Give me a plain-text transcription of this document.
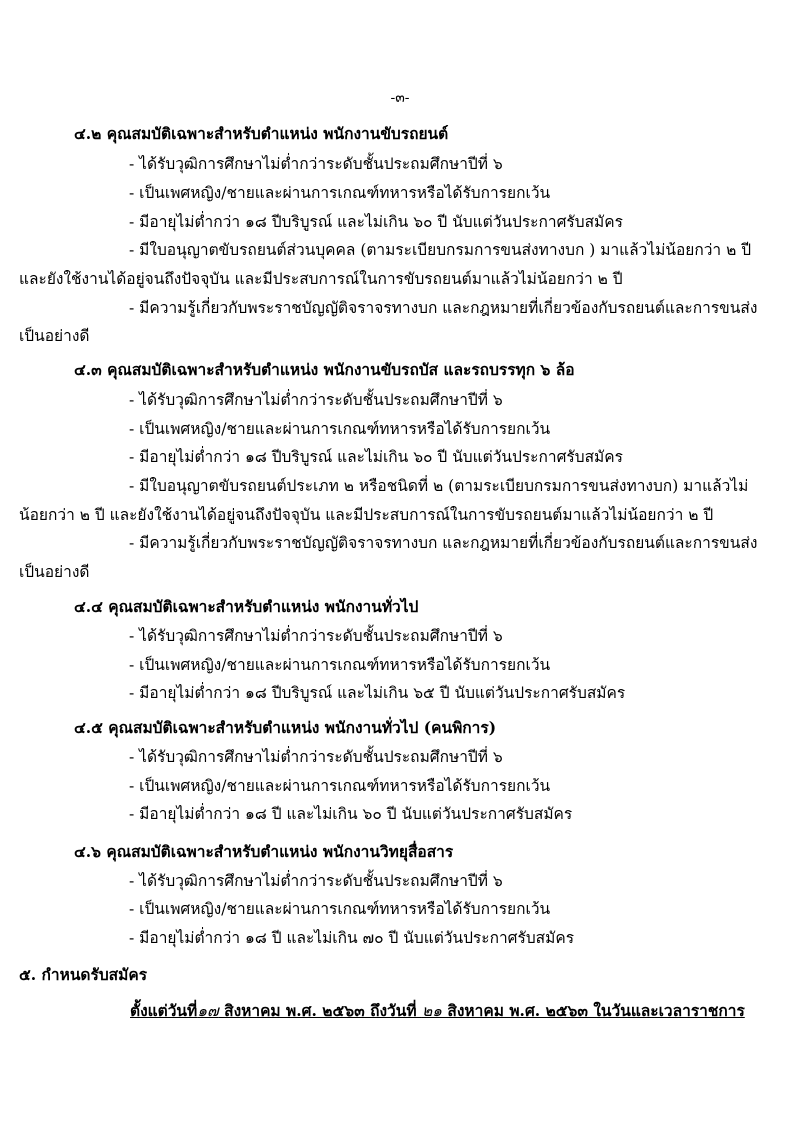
-๓-
๔.๒ คุณสมบัติเฉพาะสำหรับตำแหน่ง พนักงานขับรถยนต์
- ได้รับวุฒิการศึกษาไม่ต่ำกว่าระดับชั้นประถมศึกษาปีที่ ๖
- เป็นเพศหญิง/ชายและผ่านการเกณฑ์ทหารหรือได้รับการยกเว้น
- มีอายุไม่ต่ำกว่า ๑๘ ปีบริบูรณ์ และไม่เกิน ๖๐ ปี นับแต่วันประกาศรับสมัคร
- มีใบอนุญาตขับรถยนต์ส่วนบุคคล (ตามระเบียบกรมการขนส่งทางบก ) มาแล้วไม่น้อยกว่า ๒ ปี
และยังใช้งานได้อยู่จนถึงปัจจุบัน และมีประสบการณ์ในการขับรถยนต์มาแล้วไม่น้อยกว่า ๒ ปี
- มีความรู้เกี่ยวกับพระราชบัญญัติจราจรทางบก และกฎหมายที่เกี่ยวข้องกับรถยนต์และการขนส่ง
เป็นอย่างดี
๔.๓ คุณสมบัติเฉพาะสำหรับตำแหน่ง พนักงานขับรถบัส และรถบรรทุก ๖ ล้อ
- ได้รับวุฒิการศึกษาไม่ต่ำกว่าระดับชั้นประถมศึกษาปีที่ ๖
- เป็นเพศหญิง/ชายและผ่านการเกณฑ์ทหารหรือได้รับการยกเว้น
- มีอายุไม่ต่ำกว่า ๑๘ ปีบริบูรณ์ และไม่เกิน ๖๐ ปี นับแต่วันประกาศรับสมัคร
- มีใบอนุญาตขับรถยนต์ประเภท ๒ หรือชนิดที่ ๒ (ตามระเบียบกรมการขนส่งทางบก) มาแล้วไม่
น้อยกว่า ๒ ปี และยังใช้งานได้อยู่จนถึงปัจจุบัน และมีประสบการณ์ในการขับรถยนต์มาแล้วไม่น้อยกว่า ๒ ปี
- มีความรู้เกี่ยวกับพระราชบัญญัติจราจรทางบก และกฎหมายที่เกี่ยวข้องกับรถยนต์และการขนส่ง
เป็นอย่างดี
๔.๔ คุณสมบัติเฉพาะสำหรับตำแหน่ง พนักงานทั่วไป
- ได้รับวุฒิการศึกษาไม่ต่ำกว่าระดับชั้นประถมศึกษาปีที่ ๖
- เป็นเพศหญิง/ชายและผ่านการเกณฑ์ทหารหรือได้รับการยกเว้น
- มีอายุไม่ต่ำกว่า ๑๘ ปีบริบูรณ์ และไม่เกิน ๖๕ ปี นับแต่วันประกาศรับสมัคร
๔.๕ คุณสมบัติเฉพาะสำหรับตำแหน่ง พนักงานทั่วไป (คนพิการ)
- ได้รับวุฒิการศึกษาไม่ต่ำกว่าระดับชั้นประถมศึกษาปีที่ ๖
- เป็นเพศหญิง/ชายและผ่านการเกณฑ์ทหารหรือได้รับการยกเว้น
- มีอายุไม่ต่ำกว่า ๑๘ ปี และไม่เกิน ๖๐ ปี นับแต่วันประกาศรับสมัคร
๔.๖ คุณสมบัติเฉพาะสำหรับตำแหน่ง พนักงานวิทยุสื่อสาร
- ได้รับวุฒิการศึกษาไม่ต่ำกว่าระดับชั้นประถมศึกษาปีที่ ๖
- เป็นเพศหญิง/ชายและผ่านการเกณฑ์ทหารหรือได้รับการยกเว้น
- มีอายุไม่ต่ำกว่า ๑๘ ปี และไม่เกิน ๗๐ ปี นับแต่วันประกาศรับสมัคร
๕. กำหนดรับสมัคร
ตั้งแต่วันที่๑๗ สิงหาคม พ.ศ. ๒๕๖๓ ถึงวันที่ ๒๑ สิงหาคม พ.ศ. ๒๕๖๓ ในวันและเวลาราชการ
